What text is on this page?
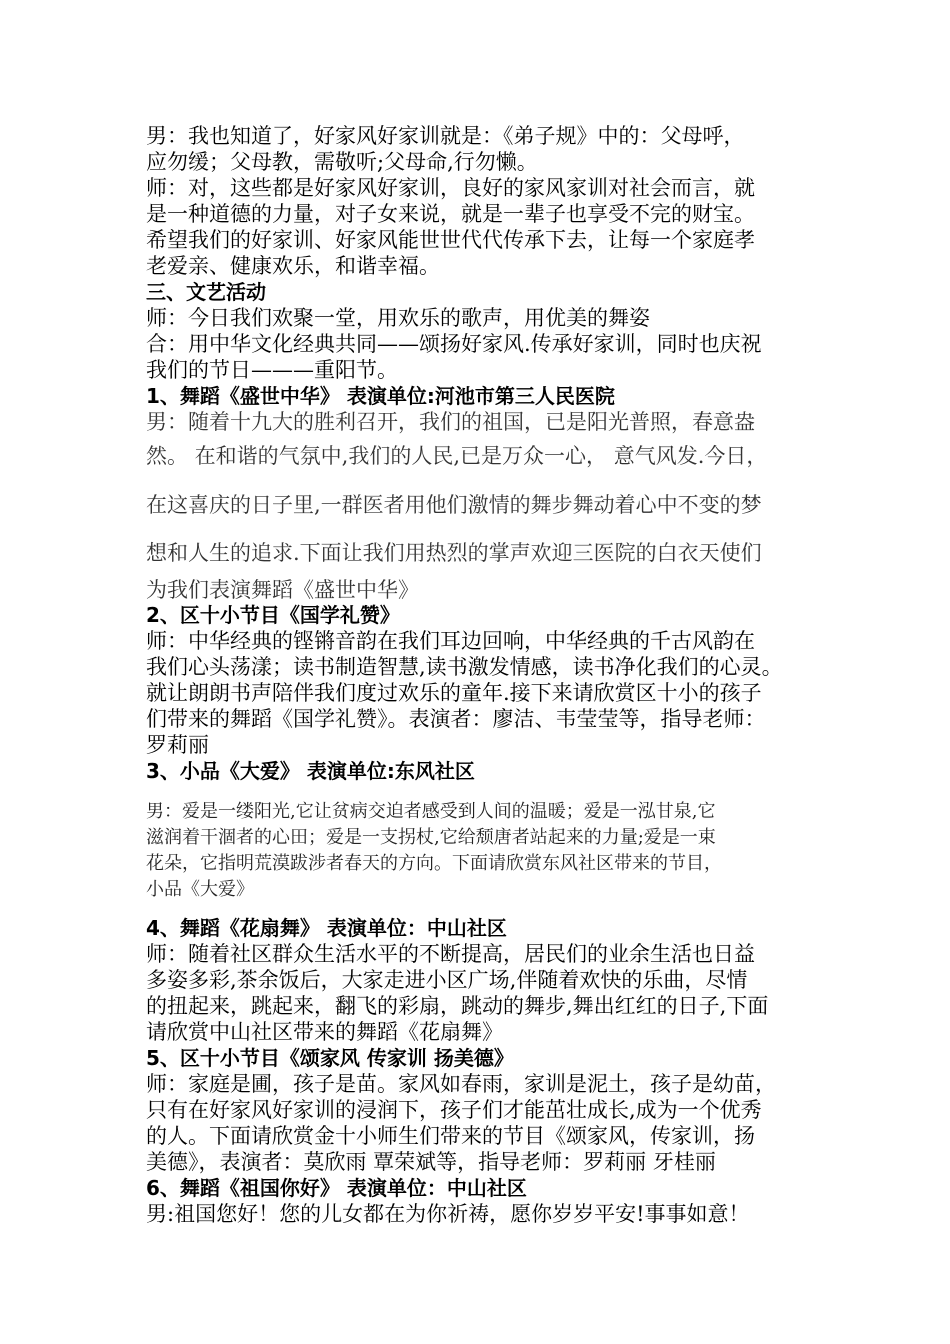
男：我也知道了，好家风好家训就是：《弟子规》中的：父母呼，
应勿缓；父母教，需敬听;父母命,行勿懒。
师：对，这些都是好家风好家训，良好的家风家训对社会而言，就
是一种道德的力量，对子女来说，就是一辈子也享受不完的财宝。
希望我们的好家训、好家风能世世代代传承下去，让每一个家庭孝
老爱亲、健康欢乐，和谐幸福。
三、文艺活动
师：今日我们欢聚一堂，用欢乐的歌声，用优美的舞姿
合：用中华文化经典共同——颂扬好家风.传承好家训，同时也庆祝
我们的节日———重阳节。
1、舞蹈《盛世中华》 表演单位:河池市第三人民医院
男：随着十九大的胜利召开，我们的祖国，已是阳光普照，春意盎
然。 在和谐的气氛中,我们的人民,已是万众一心， 意气风发.今日，
在这喜庆的日子里,一群医者用他们激情的舞步舞动着心中不变的梦
想和人生的追求.下面让我们用热烈的掌声欢迎三医院的白衣天使们
为我们表演舞蹈《盛世中华》
2、区十小节目《国学礼赞》
师：中华经典的铿锵音韵在我们耳边回响，中华经典的千古风韵在
我们心头荡漾；读书制造智慧,读书激发情感，读书净化我们的心灵。
就让朗朗书声陪伴我们度过欢乐的童年.接下来请欣赏区十小的孩子
们带来的舞蹈《国学礼赞》。表演者：廖洁、韦莹莹等，指导老师：
罗莉丽
3、小品《大爱》 表演单位:东风社区
男：爱是一缕阳光,它让贫病交迫者感受到人间的温暖；爱是一泓甘泉,它
滋润着干涸者的心田；爱是一支拐杖,它给颓唐者站起来的力量;爱是一束
花朵，它指明荒漠跋涉者春天的方向。下面请欣赏东风社区带来的节目，
小品《大爱》
4、舞蹈《花扇舞》 表演单位：中山社区
师：随着社区群众生活水平的不断提高，居民们的业余生活也日益
多姿多彩,茶余饭后，大家走进小区广场,伴随着欢快的乐曲，尽情
的扭起来，跳起来，翻飞的彩扇，跳动的舞步,舞出红红的日子,下面
请欣赏中山社区带来的舞蹈《花扇舞》
5、区十小节目《颂家风 传家训 扬美德》
师：家庭是圃，孩子是苗。家风如春雨，家训是泥土，孩子是幼苗，
只有在好家风好家训的浸润下，孩子们才能茁壮成长,成为一个优秀
的人。下面请欣赏金十小师生们带来的节目《颂家风，传家训，扬
美德》，表演者：莫欣雨 覃荣斌等，指导老师：罗莉丽 牙桂丽
6、舞蹈《祖国你好》 表演单位：中山社区
男:祖国您好！您的儿女都在为你祈祷，愿你岁岁平安!事事如意！
